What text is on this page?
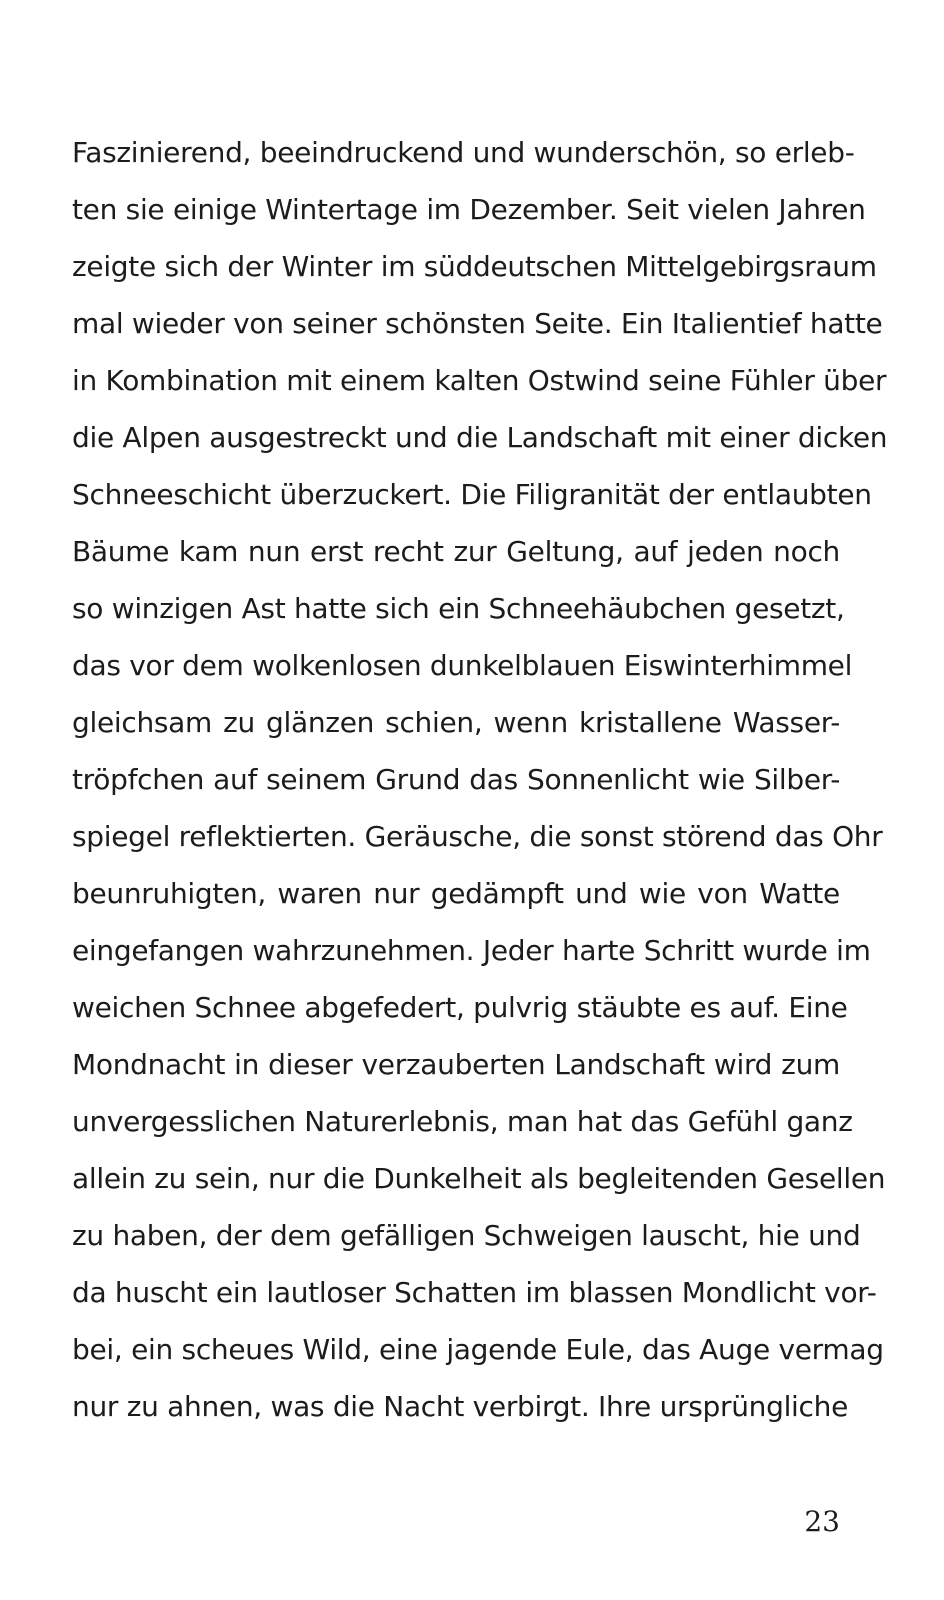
Faszinierend, beeindruckend und wunderschön, so erleb-
ten sie einige Wintertage im Dezember. Seit vielen Jahren
zeigte sich der Winter im süddeutschen Mittelgebirgsraum
mal wieder von seiner schönsten Seite. Ein Italientief hatte
in Kombination mit einem kalten Ostwind seine Fühler über
die Alpen ausgestreckt und die Landschaft mit einer dicken
Schneeschicht überzuckert. Die Filigranität der entlaubten
Bäume kam nun erst recht zur Geltung, auf jeden noch
so winzigen Ast hatte sich ein Schneehäubchen gesetzt,
das vor dem wolkenlosen dunkelblauen Eiswinterhimmel
gleichsam zu glänzen schien, wenn kristallene Wasser-
tröpfchen auf seinem Grund das Sonnenlicht wie Silber-
spiegel reflektierten. Geräusche, die sonst störend das Ohr
beunruhigten, waren nur gedämpft und wie von Watte
eingefangen wahrzunehmen. Jeder harte Schritt wurde im
weichen Schnee abgefedert, pulvrig stäubte es auf. Eine
Mondnacht in dieser verzauberten Landschaft wird zum
unvergesslichen Naturerlebnis, man hat das Gefühl ganz
allein zu sein, nur die Dunkelheit als begleitenden Gesellen
zu haben, der dem gefälligen Schweigen lauscht, hie und
da huscht ein lautloser Schatten im blassen Mondlicht vor-
bei, ein scheues Wild, eine jagende Eule, das Auge vermag
nur zu ahnen, was die Nacht verbirgt. Ihre ursprüngliche
23
